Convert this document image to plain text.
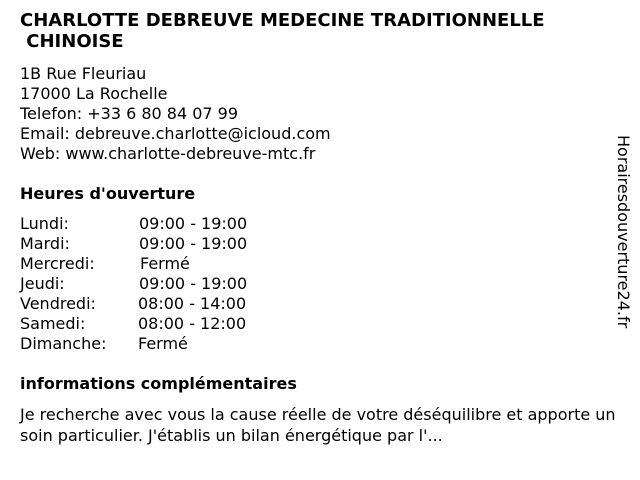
CHARLOTTE DEBREUVE MEDECINE TRADITIONNELLE
CHINOISE
1B Rue Fleuriau
17000 La Rochelle
Telefon: +33 6 80 84 07 99
Email: debreuve.charlotte@icloud.com
Web: www.charlotte-debreuve-mtc.fr
Heures d'ouverture
Lundi:	09:00 - 19:00
Mardi:	09:00 - 19:00
Mercredi:	Fermé
Jeudi:	09:00 - 19:00
Vendredi:	08:00 - 14:00
Samedi:	08:00 - 12:00
Dimanche: Fermé
informations complémentaires

Je recherche avec vous la cause réelle de votre déséquilibre et apporte un soin particulier. J'établis un bilan énergétique par l'...

Horairesdouverture24.fr
